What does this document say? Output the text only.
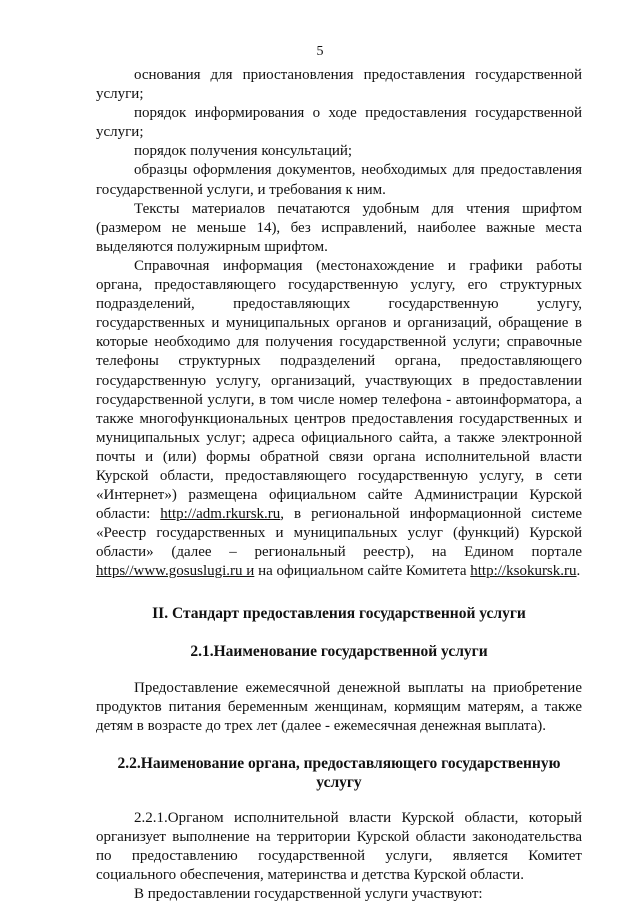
5

основания для приостановления предоставления государственной услуги;

порядок информирования о ходе предоставления государственной услуги;

порядок получения консультаций;

образцы оформления документов, необходимых для предоставления государственной услуги, и требования к ним.

Тексты материалов печатаются удобным для чтения шрифтом (размером не меньше 14), без исправлений, наиболее важные места выделяются полужирным шрифтом.

Справочная информация (местонахождение и графики работы органа, предоставляющего государственную услугу, его структурных подразделений, предоставляющих государственную услугу, государственных и муниципальных органов и организаций, обращение в которые необходимо для получения государственной услуги; справочные телефоны структурных подразделений органа, предоставляющего государственную услугу, организаций, участвующих в предоставлении государственной услуги, в том числе номер телефона - автоинформатора, а также многофункциональных центров предоставления государственных и муниципальных услуг; адреса официального сайта, а также электронной почты и (или) формы обратной связи органа исполнительной власти Курской области, предоставляющего государственную услугу, в сети «Интернет») размещена официальном сайте Администрации Курской области: http://adm.rkursk.ru, в региональной информационной системе «Реестр государственных и муниципальных услуг (функций) Курской области» (далее – региональный реестр), на Едином портале https//www.gosuslugi.ru и на официальном сайте Комитета http://ksokursk.ru.

II. Стандарт предоставления государственной услуги
2.1.Наименование государственной услуги

Предоставление ежемесячной денежной выплаты на приобретение продуктов питания беременным женщинам, кормящим матерям, а также детям в возрасте до трех лет (далее - ежемесячная денежная выплата).

2.2.Наименование органа, предоставляющего государственную услугу

2.2.1.Органом исполнительной власти Курской области, который организует выполнение на территории Курской области законодательства по предоставлению государственной услуги, является Комитет социального обеспечения, материнства и детства Курской области.

В предоставлении государственной услуги участвуют:
